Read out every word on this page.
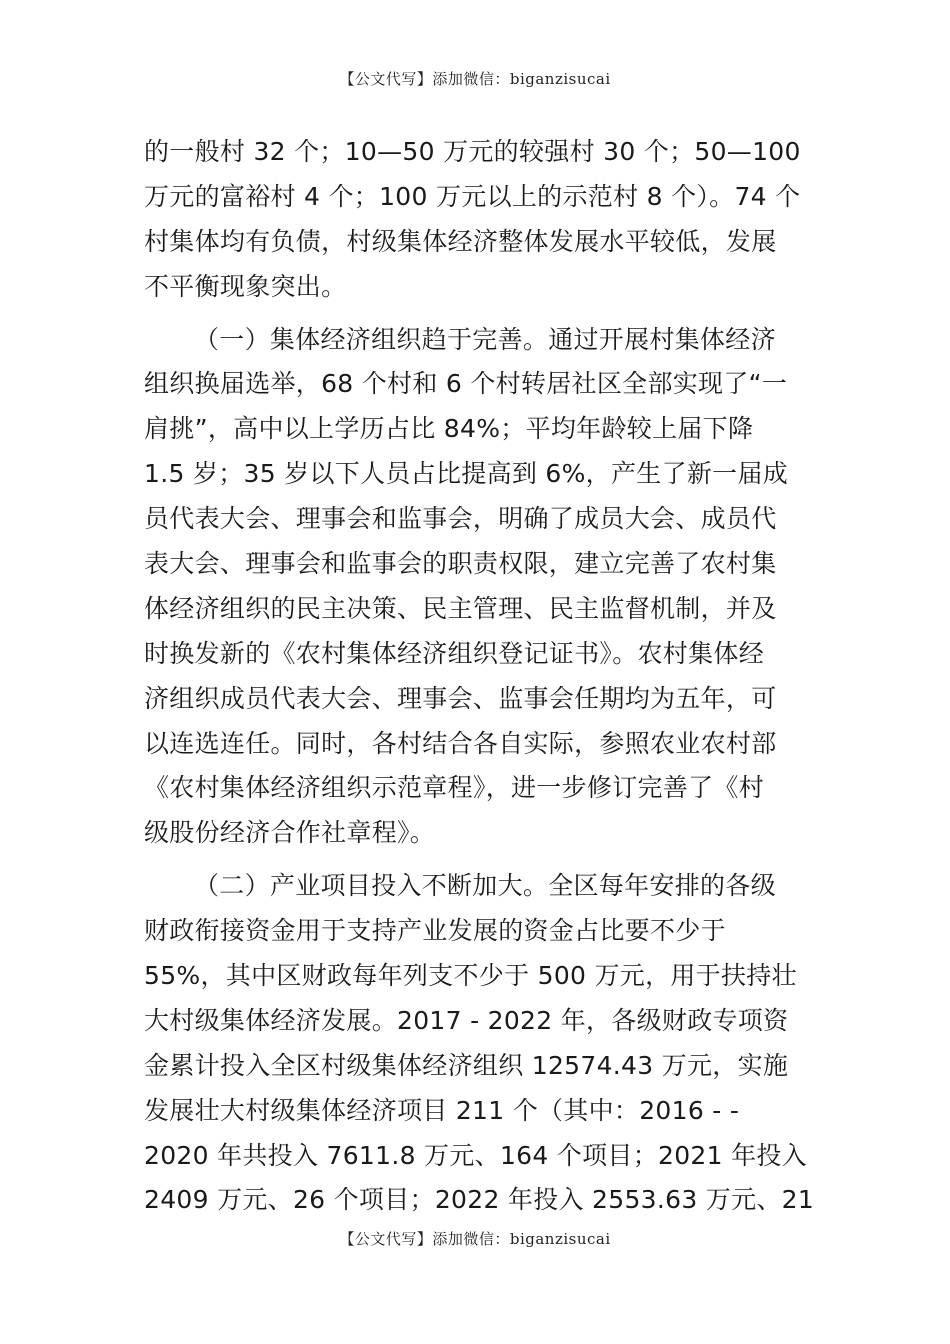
【公文代写】添加微信：biganzisucai
的一般村 32 个；10—50 万元的较强村 30 个；50—100
万元的富裕村 4 个；100 万元以上的示范村 8 个）。74 个
村集体均有负债，村级集体经济整体发展水平较低，发展
不平衡现象突出。
（一）集体经济组织趋于完善。通过开展村集体经济
组织换届选举，68 个村和 6 个村转居社区全部实现了“一
肩挑”，高中以上学历占比 84%；平均年龄较上届下降
1.5 岁；35 岁以下人员占比提高到 6%，产生了新一届成
员代表大会、理事会和监事会，明确了成员大会、成员代
表大会、理事会和监事会的职责权限，建立完善了农村集
体经济组织的民主决策、民主管理、民主监督机制，并及
时换发新的《农村集体经济组织登记证书》。农村集体经
济组织成员代表大会、理事会、监事会任期均为五年，可
以连选连任。同时，各村结合各自实际，参照农业农村部
《农村集体经济组织示范章程》，进一步修订完善了《村
级股份经济合作社章程》。
（二）产业项目投入不断加大。全区每年安排的各级
财政衔接资金用于支持产业发展的资金占比要不少于
55%，其中区财政每年列支不少于 500 万元，用于扶持壮
大村级集体经济发展。2017 - 2022 年，各级财政专项资
金累计投入全区村级集体经济组织 12574.43 万元，实施
发展壮大村级集体经济项目 211 个（其中：2016 - -
2020 年共投入 7611.8 万元、164 个项目；2021 年投入
2409 万元、26 个项目；2022 年投入 2553.63 万元、21
【公文代写】添加微信：biganzisucai
